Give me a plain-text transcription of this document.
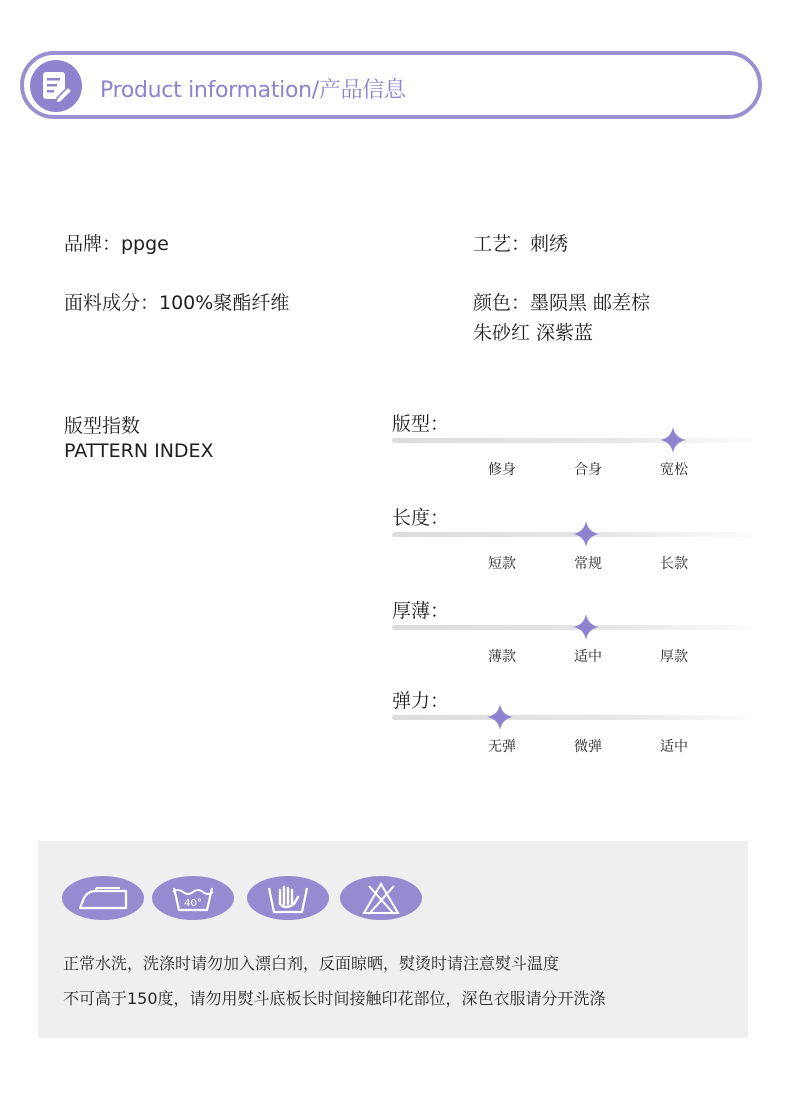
Product information/产品信息
品牌：ppge	工艺：刺绣
面料成分：100%聚酯纤维	颜色：墨陨黑 邮差棕
朱砂红 深紫蓝
版型指数
PATTERN INDEX
版型：
修身	合身	宽松
长度：
短款	常规	长款
厚薄：
薄款	适中	厚款
弹力：
无弹	微弹	适中
40°
正常水洗，洗涤时请勿加入漂白剂，反面晾晒，熨烫时请注意熨斗温度
不可高于150度，请勿用熨斗底板长时间接触印花部位，深色衣服请分开洗涤
